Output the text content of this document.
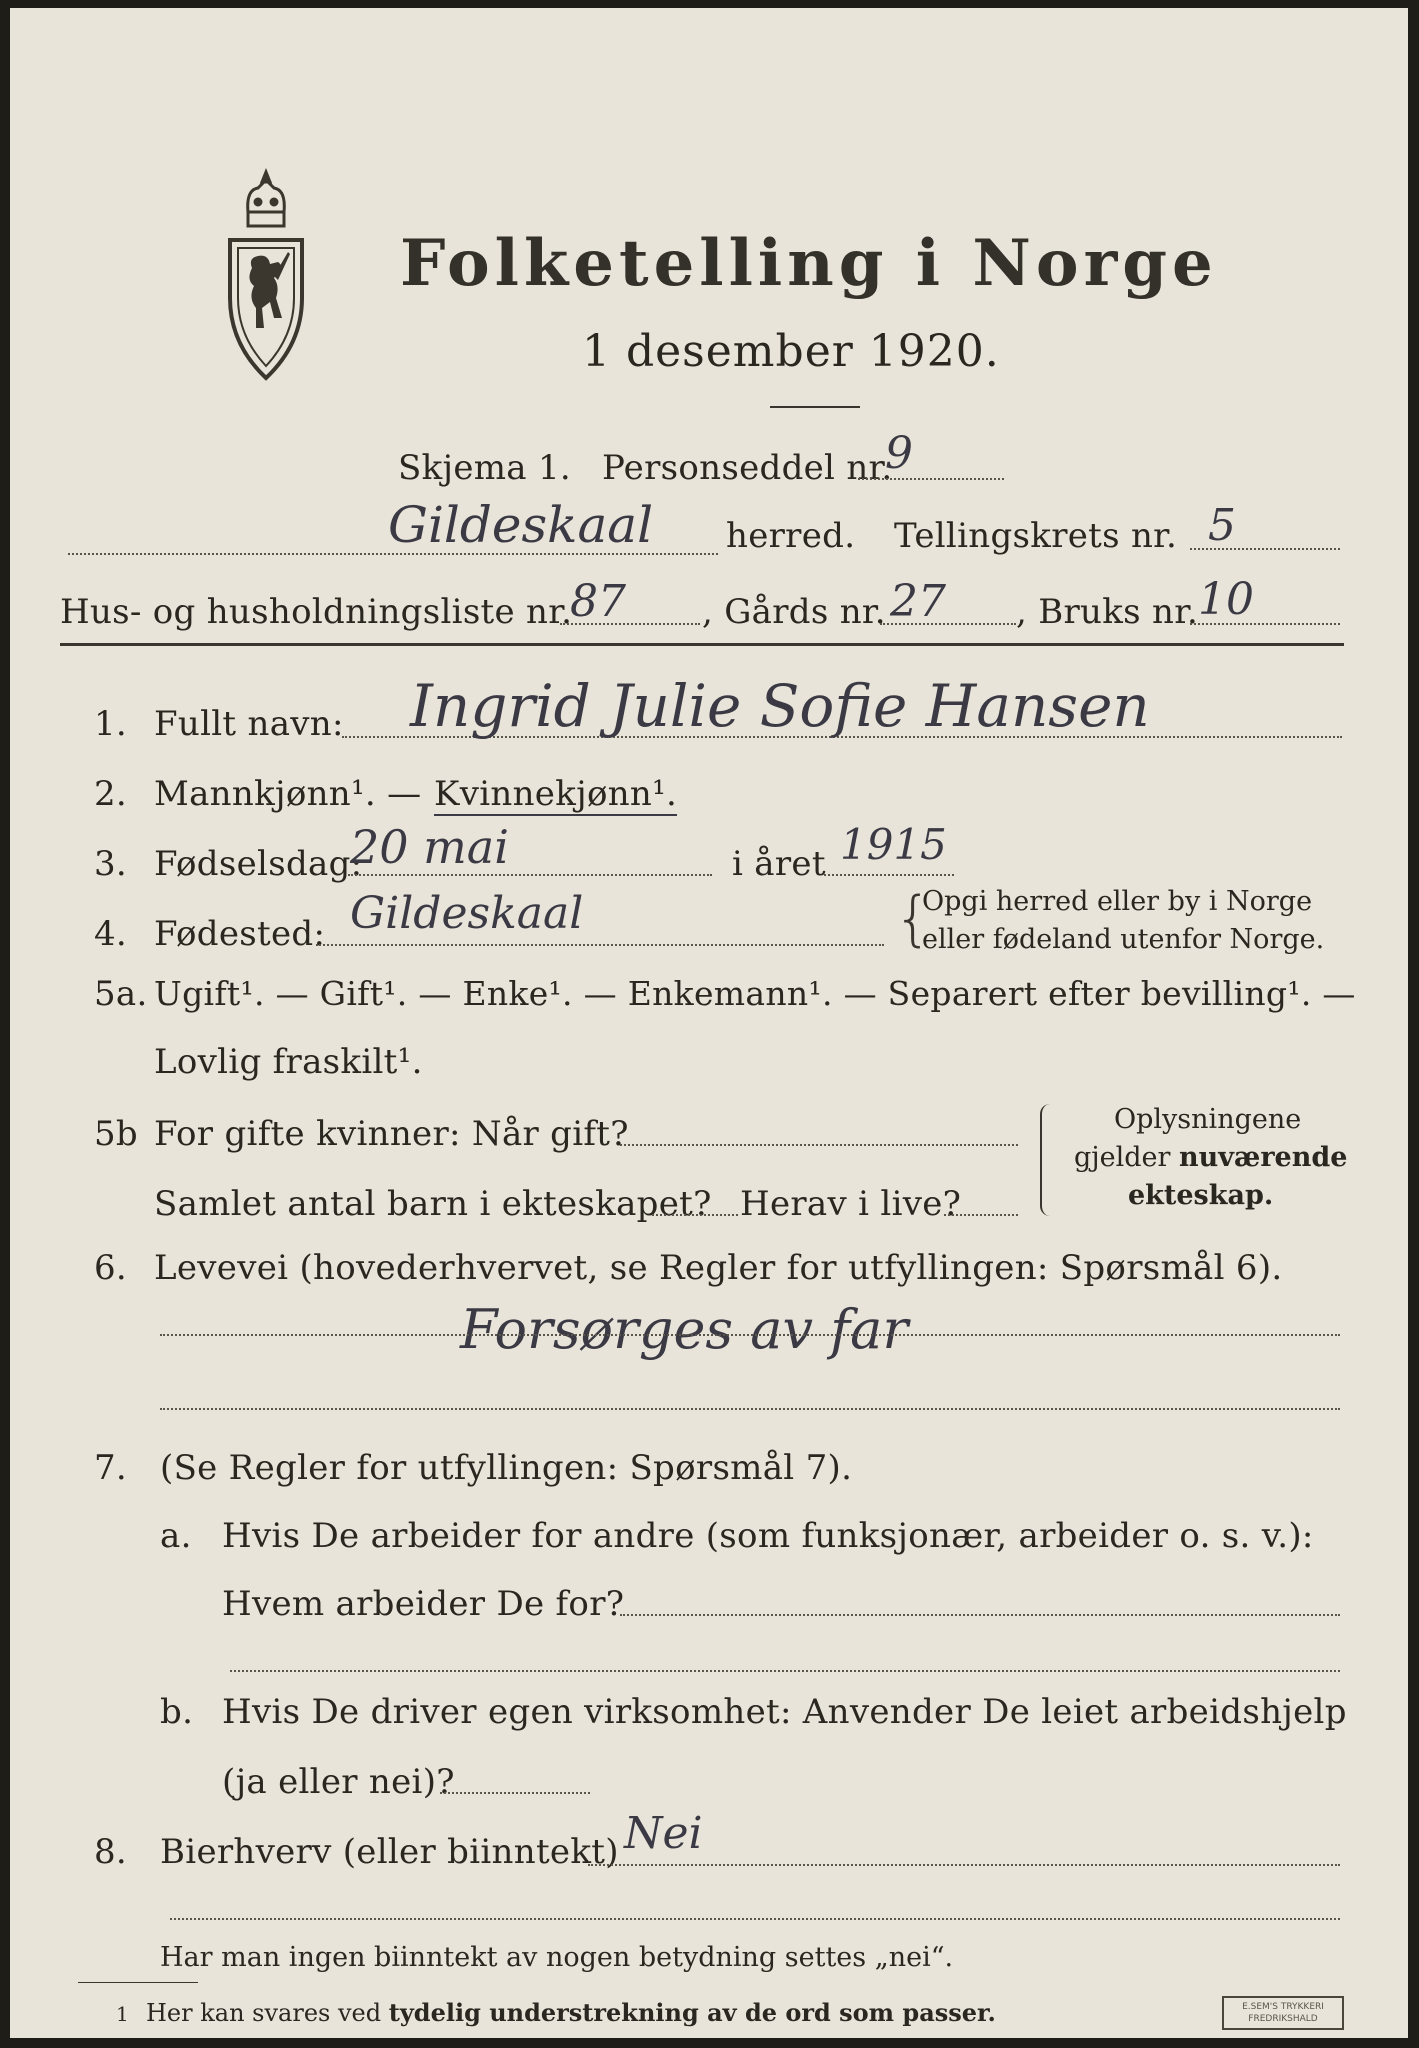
Folketelling i Norge
1 desember 1920.
Skjema 1. Personseddel nr.
9
Gildeskaal herred. Tellingskrets nr. 5
Hus- og husholdningsliste nr.
87 , Gårds nr. 27 , Bruks nr. 10
1. Fullt navn: Ingrid Julie Sofie Hansen
2. Mannkjønn¹. — Kvinnekjønn¹.
3. Fødselsdag:
20 mai	i året 1915
4. Fødested: Gildeskaal	{
Opgi herred eller by i Norge
eller fødeland utenfor Norge.
5a. Ugift¹. — Gift¹. — Enke¹. — Enkemann¹. — Separert efter bevilling¹. —
Lovlig fraskilt¹.
5b For gifte kvinner: Når gift?
Samlet antal barn i ekteskapet? Herav i live?
Oplysningene
gjelder nuværende
ekteskap.
6. Levevei (hovederhvervet, se Regler for utfyllingen: Spørsmål 6).
Forsørges av far
7. (Se Regler for utfyllingen: Spørsmål 7).
a. Hvis De arbeider for andre (som funksjonær, arbeider o. s. v.):
Hvem arbeider De for?
b. Hvis De driver egen virksomhet: Anvender De leiet arbeidshjelp
(ja eller nei)?
8. Bierhverv (eller biinntekt) Nei
Har man ingen biinntekt av nogen betydning settes „nei“.
1 Her kan svares ved tydelig understrekning av de ord som passer.	E.SEM'S TRYKKERI
FREDRIKSHALD
